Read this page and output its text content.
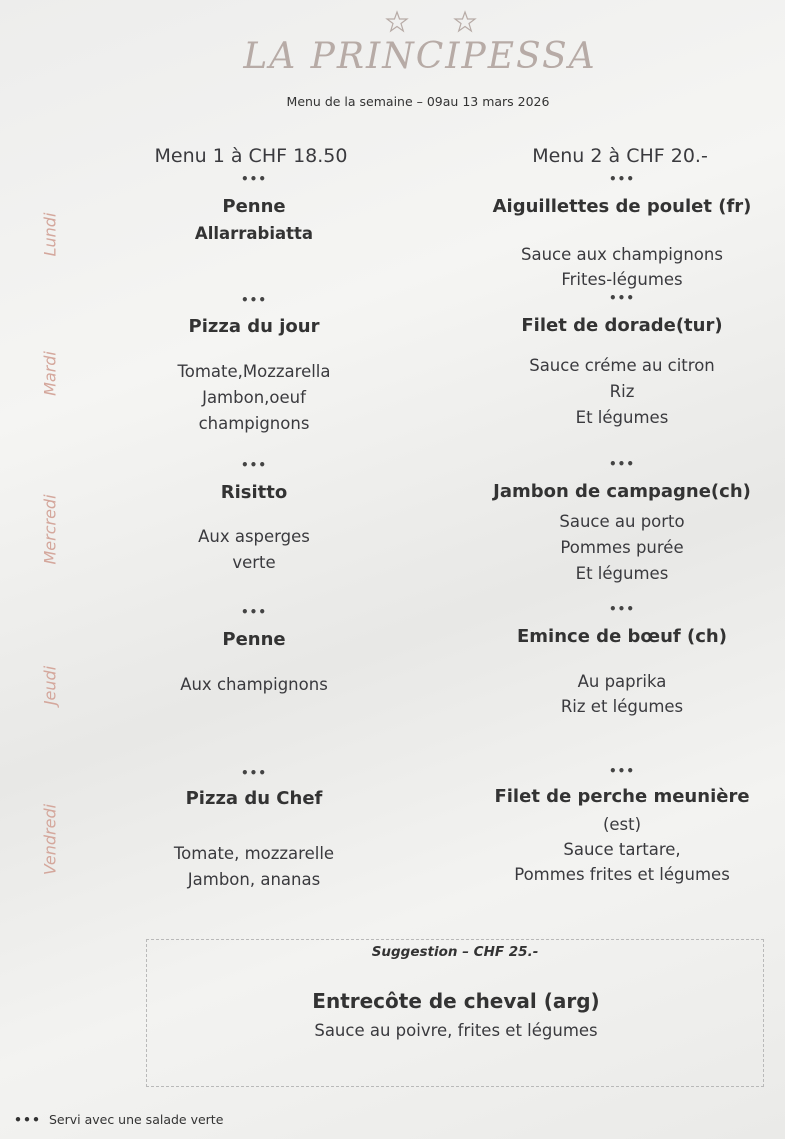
LA PRINCIPESSA
Menu de la semaine – 09au 13 mars 2026
Menu 1 à CHF 18.50	Menu 2 à CHF 20.-
Lundi
Mardi
Mercredi
Jeudi
Vendredi
•••
Penne
Allarrabiatta
•••
Aiguillettes de poulet (fr)
Sauce aux champignons
Frites-légumes
•••
Pizza du jour
Tomate,Mozzarella
Jambon,oeuf
champignons
•••
Filet de dorade(tur)
Sauce créme au citron
Riz
Et légumes
•••
Risitto
Aux asperges
verte
•••
Jambon de campagne(ch)
Sauce au porto
Pommes purée
Et légumes
•••
Penne
Aux champignons
•••
Emince de bœuf (ch)
Au paprika
Riz et légumes
•••
Pizza du Chef
Tomate, mozzarelle
Jambon, ananas
•••
Filet de perche meunière
(est)
Sauce tartare,
Pommes frites et légumes
Suggestion – CHF 25.-
Entrecôte de cheval (arg)
Sauce au poivre, frites et légumes
••• Servi avec une salade verte
